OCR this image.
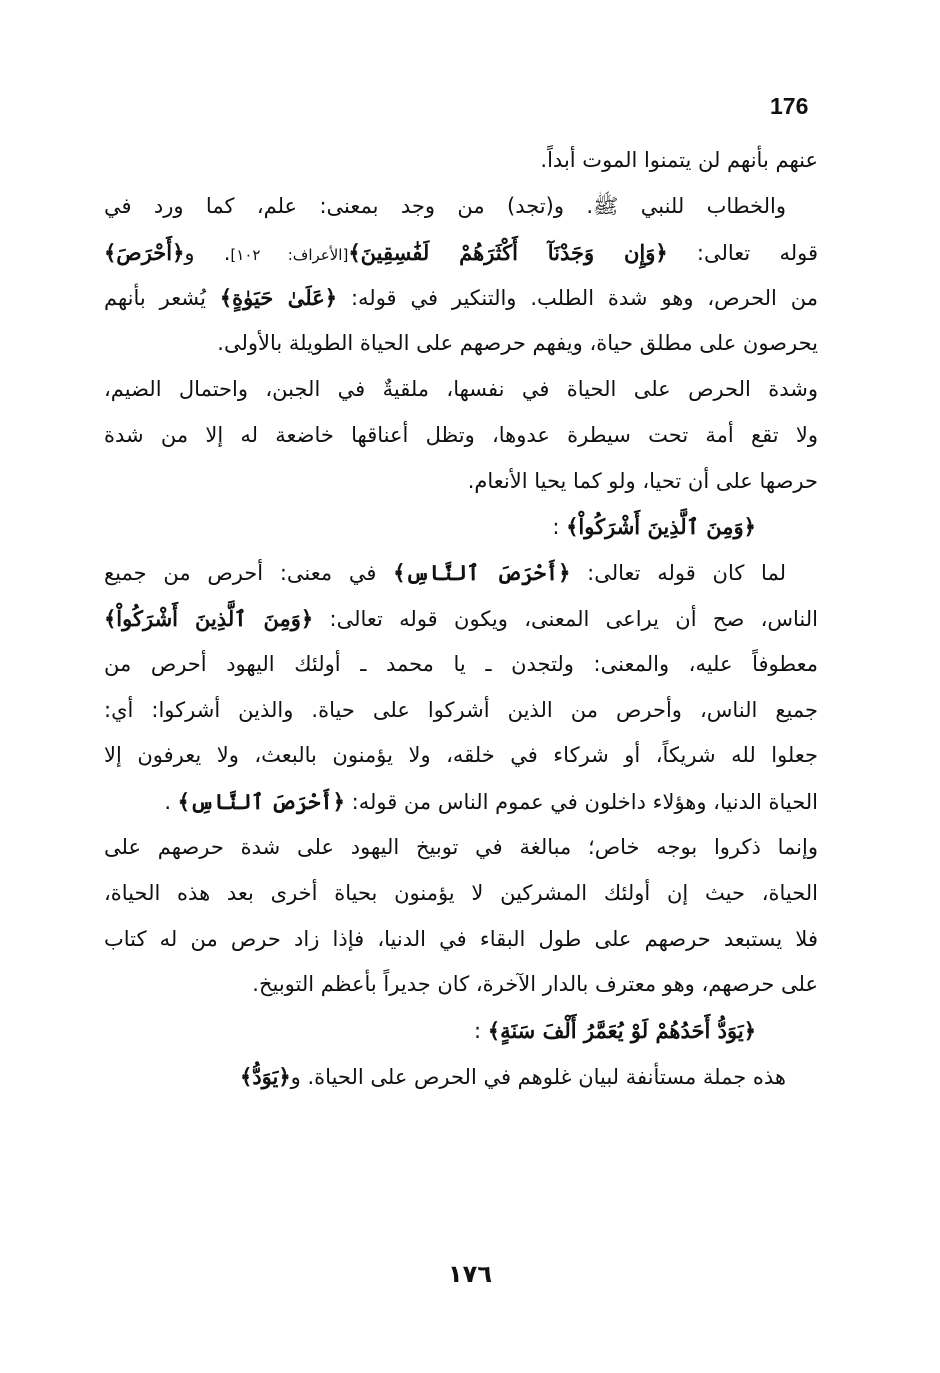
176
عنهم بأنهم لن يتمنوا الموت أبداً.
والخطاب للنبي ﷺ. و(تجد) من وجد بمعنى: علم، كما ورد في
قوله تعالى: ﴿وَإِن وَجَدْنَآ أَكْثَرَهُمْ لَفَٰسِقِينَ﴾[الأعراف: ١٠٢]. و﴿أَحْرَصَ﴾
من الحرص، وهو شدة الطلب. والتنكير في قوله: ﴿عَلَىٰ حَيَوٰةٍ﴾ يُشعر بأنهم
يحرصون على مطلق حياة، ويفهم حرصهم على الحياة الطويلة بالأولى.
وشدة الحرص على الحياة في نفسها، ملقيةٌ في الجبن، واحتمال الضيم،
ولا تقع أمة تحت سيطرة عدوها، وتظل أعناقها خاضعة له إلا من شدة
حرصها على أن تحيا، ولو كما يحيا الأنعام.
﴿وَمِنَ ٱلَّذِينَ أَشْرَكُواْ﴾ :
لما كان قوله تعالى: ﴿أَحْرَصَ ٱلنَّاسِ﴾ في معنى: أحرص من جميع
الناس، صح أن يراعى المعنى، ويكون قوله تعالى: ﴿وَمِنَ ٱلَّذِينَ أَشْرَكُواْ﴾
معطوفاً عليه، والمعنى: ولتجدن ـ يا محمد ـ أولئك اليهود أحرص من
جميع الناس، وأحرص من الذين أشركوا على حياة. والذين أشركوا: أي:
جعلوا لله شريكاً، أو شركاء في خلقه، ولا يؤمنون بالبعث، ولا يعرفون إلا
الحياة الدنيا، وهؤلاء داخلون في عموم الناس من قوله: ﴿أَحْرَصَ ٱلنَّاسِ﴾ .
وإنما ذكروا بوجه خاص؛ مبالغة في توبيخ اليهود على شدة حرصهم على
الحياة، حيث إن أولئك المشركين لا يؤمنون بحياة أخرى بعد هذه الحياة،
فلا يستبعد حرصهم على طول البقاء في الدنيا، فإذا زاد حرص من له كتاب
على حرصهم، وهو معترف بالدار الآخرة، كان جديراً بأعظم التوبيخ.
﴿يَوَدُّ أَحَدُهُمْ لَوْ يُعَمَّرُ أَلْفَ سَنَةٍ﴾ :
هذه جملة مستأنفة لبيان غلوهم في الحرص على الحياة. و﴿يَوَدُّ﴾
١٧٦
